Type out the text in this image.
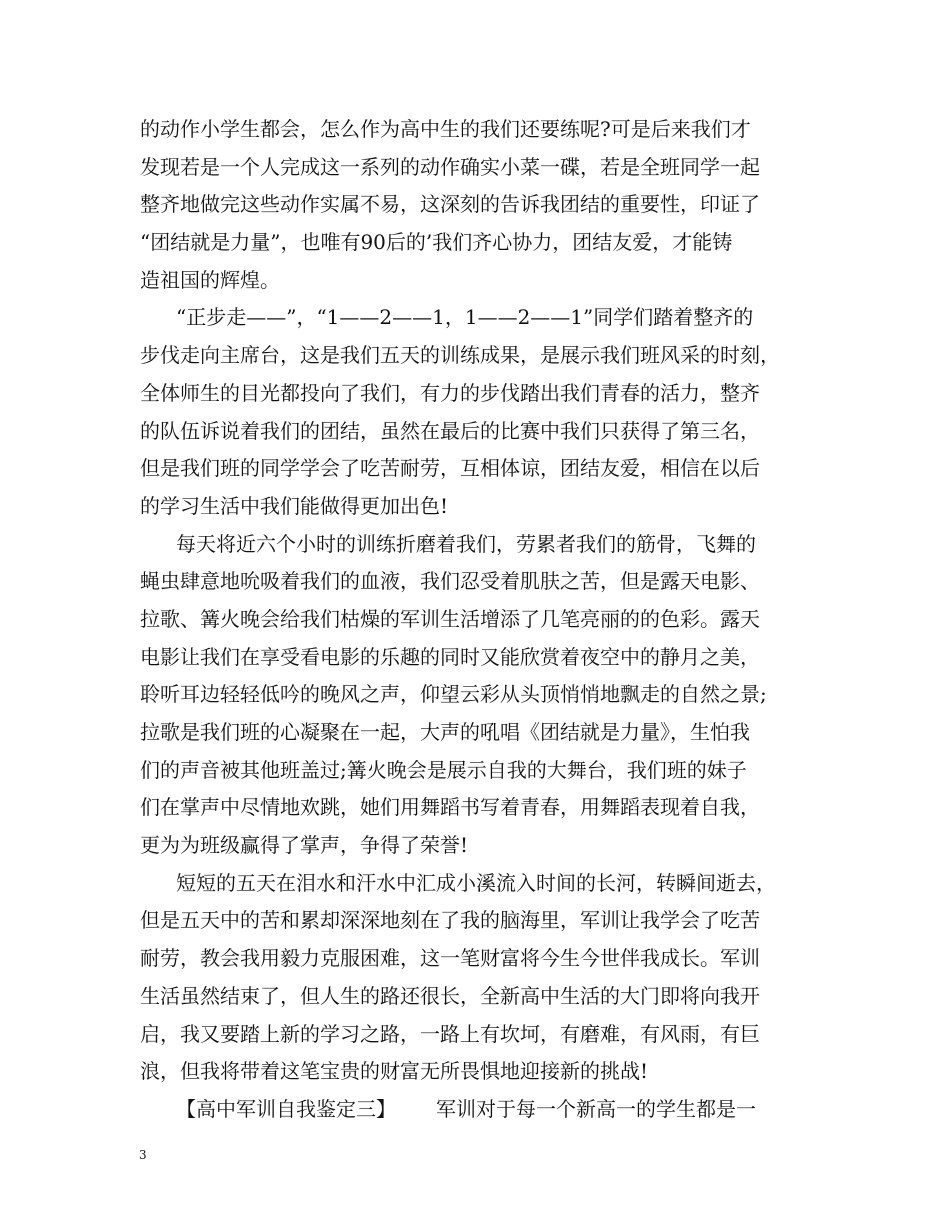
的动作小学生都会，怎么作为高中生的我们还要练呢?可是后来我们才
发现若是一个人完成这一系列的动作确实小菜一碟，若是全班同学一起
整齐地做完这些动作实属不易，这深刻的告诉我团结的重要性，印证了
“团结就是力量”，也唯有90后的’我们齐心协力，团结友爱，才能铸
造祖国的辉煌。
“正步走——”，“1——2——1，1——2——1”同学们踏着整齐的
步伐走向主席台，这是我们五天的训练成果，是展示我们班风采的时刻，
全体师生的目光都投向了我们，有力的步伐踏出我们青春的活力，整齐
的队伍诉说着我们的团结，虽然在最后的比赛中我们只获得了第三名，
但是我们班的同学学会了吃苦耐劳，互相体谅，团结友爱，相信在以后
的学习生活中我们能做得更加出色!
每天将近六个小时的训练折磨着我们，劳累者我们的筋骨，飞舞的
蝇虫肆意地吮吸着我们的血液，我们忍受着肌肤之苦，但是露天电影、
拉歌、篝火晚会给我们枯燥的军训生活增添了几笔亮丽的的色彩。露天
电影让我们在享受看电影的乐趣的同时又能欣赏着夜空中的静月之美，
聆听耳边轻轻低吟的晚风之声，仰望云彩从头顶悄悄地飘走的自然之景;
拉歌是我们班的心凝聚在一起，大声的吼唱《团结就是力量》，生怕我
们的声音被其他班盖过;篝火晚会是展示自我的大舞台，我们班的妹子
们在掌声中尽情地欢跳，她们用舞蹈书写着青春，用舞蹈表现着自我，
更为为班级赢得了掌声，争得了荣誉!
短短的五天在泪水和汗水中汇成小溪流入时间的长河，转瞬间逝去，
但是五天中的苦和累却深深地刻在了我的脑海里，军训让我学会了吃苦
耐劳，教会我用毅力克服困难，这一笔财富将今生今世伴我成长。军训
生活虽然结束了，但人生的路还很长，全新高中生活的大门即将向我开
启，我又要踏上新的学习之路，一路上有坎坷，有磨难，有风雨，有巨
浪，但我将带着这笔宝贵的财富无所畏惧地迎接新的挑战!
【高中军训自我鉴定三】 军训对于每一个新高一的学生都是一
3
